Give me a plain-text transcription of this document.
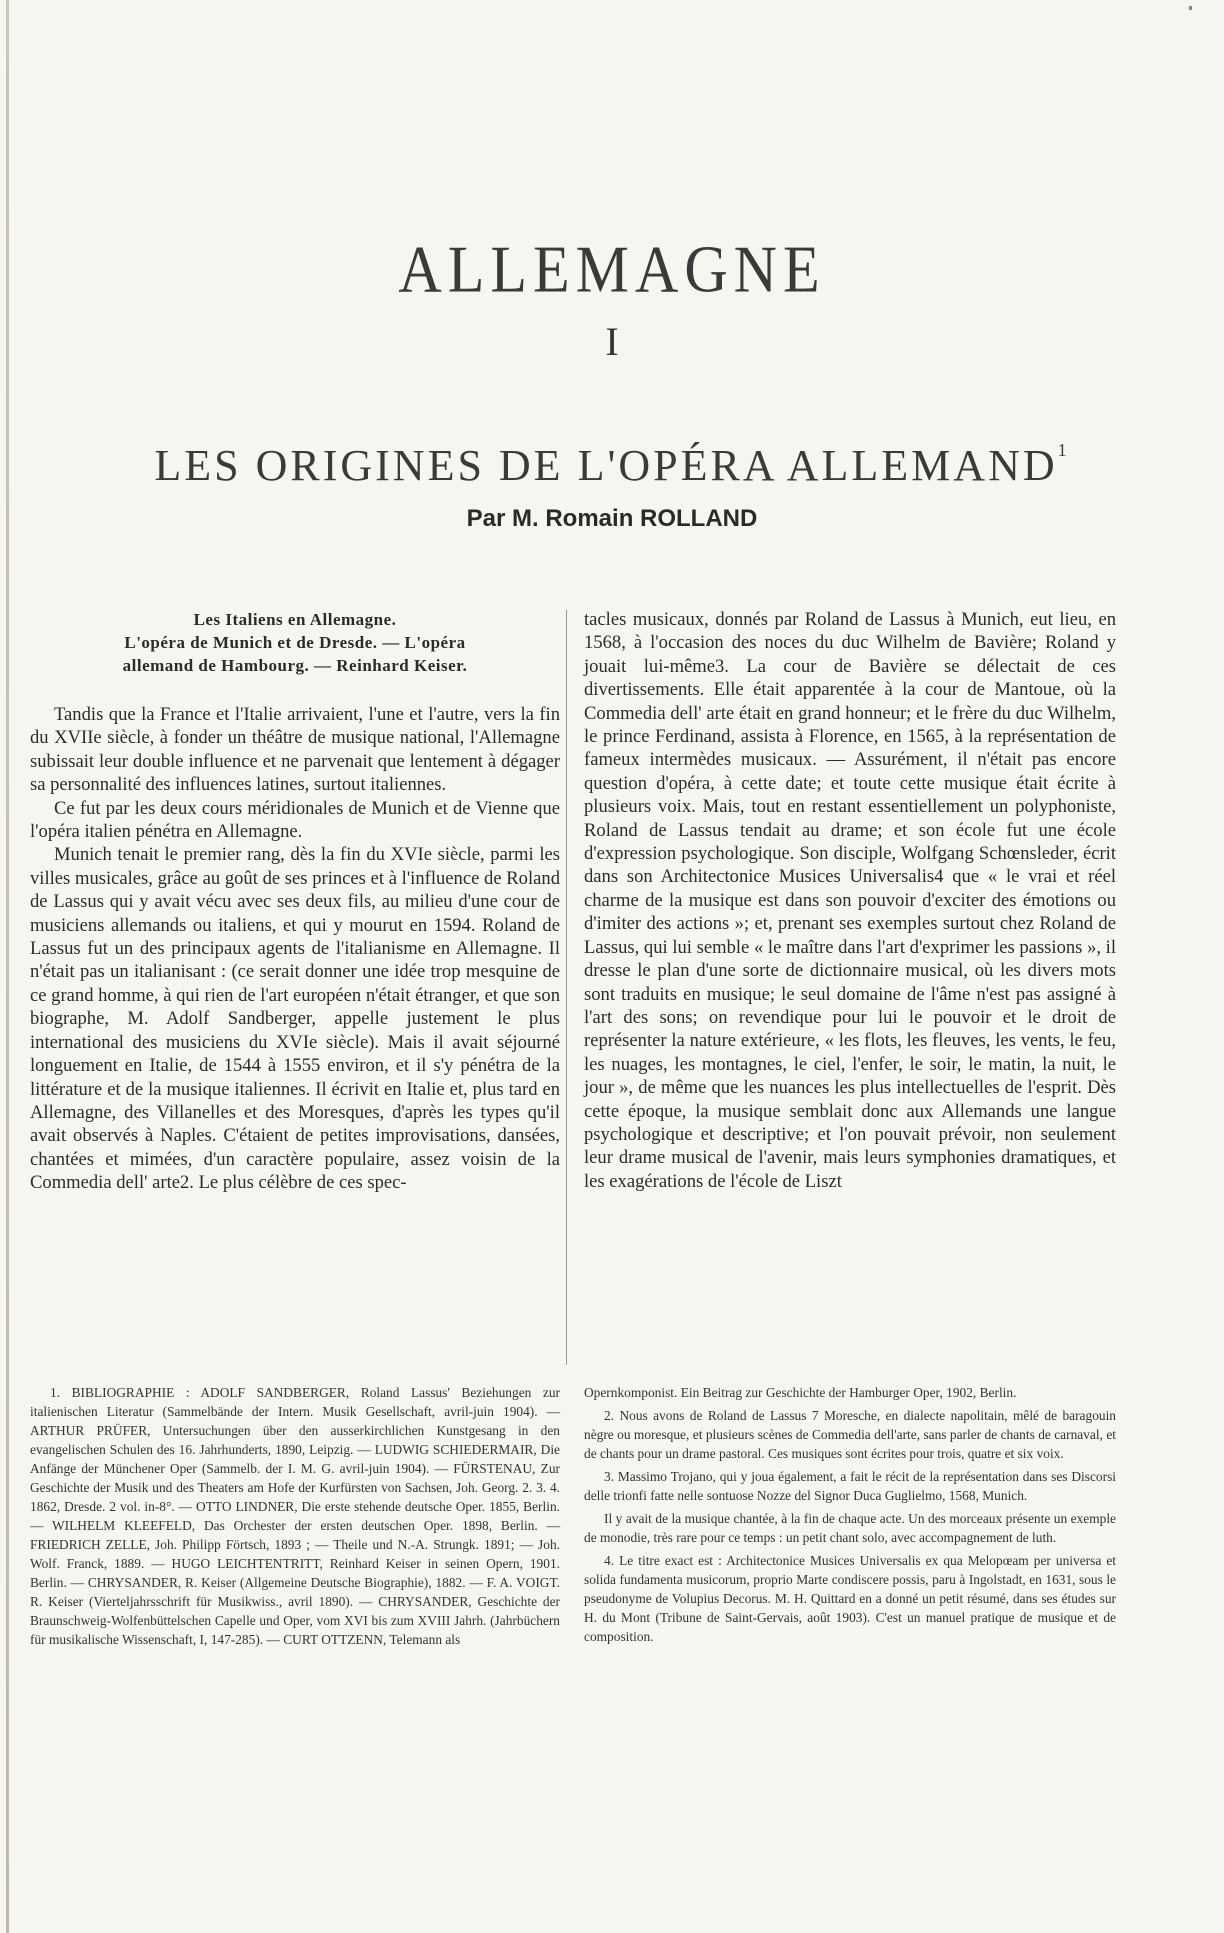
ALLEMAGNE
I
LES ORIGINES DE L'OPÉRA ALLEMAND$^1$
Par M. Romain ROLLAND
Les Italiens en Allemagne.
L'opéra de Munich et de Dresde. — L'opéra
allemand de Hambourg. — Reinhard Keiser.

Tandis que la France et l'Italie arrivaient, l'une et l'autre, vers la fin du XVIIe siècle, à fonder un théâtre de musique national, l'Allemagne subissait leur double influence et ne parvenait que lentement à dégager sa personnalité des influences latines, surtout italiennes.

Ce fut par les deux cours méridionales de Munich et de Vienne que l'opéra italien pénétra en Allemagne.

Munich tenait le premier rang, dès la fin du XVIe siècle, parmi les villes musicales, grâce au goût de ses princes et à l'influence de Roland de Lassus qui y avait vécu avec ses deux fils, au milieu d'une cour de musiciens allemands ou italiens, et qui y mourut en 1594. Roland de Lassus fut un des principaux agents de l'italianisme en Allemagne. Il n'était pas un italianisant : (ce serait donner une idée trop mesquine de ce grand homme, à qui rien de l'art européen n'était étranger, et que son biographe, M. Adolf Sandberger, appelle justement le plus international des musiciens du XVIe siècle). Mais il avait séjourné longuement en Italie, de 1544 à 1555 environ, et il s'y pénétra de la littérature et de la musique italiennes. Il écrivit en Italie et, plus tard en Allemagne, des Villanelles et des Moresques, d'après les types qu'il avait observés à Naples. C'étaient de petites improvisations, dansées, chantées et mimées, d'un caractère populaire, assez voisin de la Commedia dell' arte2. Le plus célèbre de ces spec-

tacles musicaux, donnés par Roland de Lassus à Munich, eut lieu, en 1568, à l'occasion des noces du duc Wilhelm de Bavière; Roland y jouait lui-même3. La cour de Bavière se délectait de ces divertissements. Elle était apparentée à la cour de Mantoue, où la Commedia dell' arte était en grand honneur; et le frère du duc Wilhelm, le prince Ferdinand, assista à Florence, en 1565, à la représentation de fameux intermèdes musicaux. — Assurément, il n'était pas encore question d'opéra, à cette date; et toute cette musique était écrite à plusieurs voix. Mais, tout en restant essentiellement un polyphoniste, Roland de Lassus tendait au drame; et son école fut une école d'expression psychologique. Son disciple, Wolfgang Schœnsleder, écrit dans son Architectonice Musices Universalis4 que « le vrai et réel charme de la musique est dans son pouvoir d'exciter des émotions ou d'imiter des actions »; et, prenant ses exemples surtout chez Roland de Lassus, qui lui semble « le maître dans l'art d'exprimer les passions », il dresse le plan d'une sorte de dictionnaire musical, où les divers mots sont traduits en musique; le seul domaine de l'âme n'est pas assigné à l'art des sons; on revendique pour lui le pouvoir et le droit de représenter la nature extérieure, « les flots, les fleuves, les vents, le feu, les nuages, les montagnes, le ciel, l'enfer, le soir, le matin, la nuit, le jour », de même que les nuances les plus intellectuelles de l'esprit. Dès cette époque, la musique semblait donc aux Allemands une langue psychologique et descriptive; et l'on pouvait prévoir, non seulement leur drame musical de l'avenir, mais leurs symphonies dramatiques, et les exagérations de l'école de Liszt

1. BIBLIOGRAPHIE : ADOLF SANDBERGER, Roland Lassus' Beziehungen zur italienischen Literatur (Sammelbände der Intern. Musik Gesellschaft, avril-juin 1904). — ARTHUR PRÜFER, Untersuchungen über den ausserkirchlichen Kunstgesang in den evangelischen Schulen des 16. Jahrhunderts, 1890, Leipzig. — LUDWIG SCHIEDERMAIR, Die Anfänge der Münchener Oper (Sammelb. der I. M. G. avril-juin 1904). — FÜRSTENAU, Zur Geschichte der Musik und des Theaters am Hofe der Kurfürsten von Sachsen, Joh. Georg. 2. 3. 4. 1862, Dresde. 2 vol. in-8°. — OTTO LINDNER, Die erste stehende deutsche Oper. 1855, Berlin. — WILHELM KLEEFELD, Das Orchester der ersten deutschen Oper. 1898, Berlin. — FRIEDRICH ZELLE, Joh. Philipp Förtsch, 1893 ; — Theile und N.-A. Strungk. 1891; — Joh. Wolf. Franck, 1889. — HUGO LEICHTENTRITT, Reinhard Keiser in seinen Opern, 1901. Berlin. — CHRYSANDER, R. Keiser (Allgemeine Deutsche Biographie), 1882. — F. A. VOIGT. R. Keiser (Vierteljahrsschrift für Musikwiss., avril 1890). — CHRYSANDER, Geschichte der Braunschweig-Wolfenbüttelschen Capelle und Oper, vom XVI bis zum XVIII Jahrh. (Jahrbüchern für musikalische Wissenschaft, I, 147-285). — CURT OTTZENN, Telemann als

Opernkomponist. Ein Beitrag zur Geschichte der Hamburger Oper, 1902, Berlin.

2. Nous avons de Roland de Lassus 7 Moresche, en dialecte napolitain, mêlé de baragouin nègre ou moresque, et plusieurs scènes de Commedia dell'arte, sans parler de chants de carnaval, et de chants pour un drame pastoral. Ces musiques sont écrites pour trois, quatre et six voix.

3. Massimo Trojano, qui y joua également, a fait le récit de la représentation dans ses Discorsi delle trionfi fatte nelle sontuose Nozze del Signor Duca Guglielmo, 1568, Munich.

Il y avait de la musique chantée, à la fin de chaque acte. Un des morceaux présente un exemple de monodie, très rare pour ce temps : un petit chant solo, avec accompagnement de luth.

4. Le titre exact est : Architectonice Musices Universalis ex qua Melopœam per universa et solida fundamenta musicorum, proprio Marte condiscere possis, paru à Ingolstadt, en 1631, sous le pseudonyme de Volupius Decorus. M. H. Quittard en a donné un petit résumé, dans ses études sur H. du Mont (Tribune de Saint-Gervais, août 1903). C'est un manuel pratique de musique et de composition.
